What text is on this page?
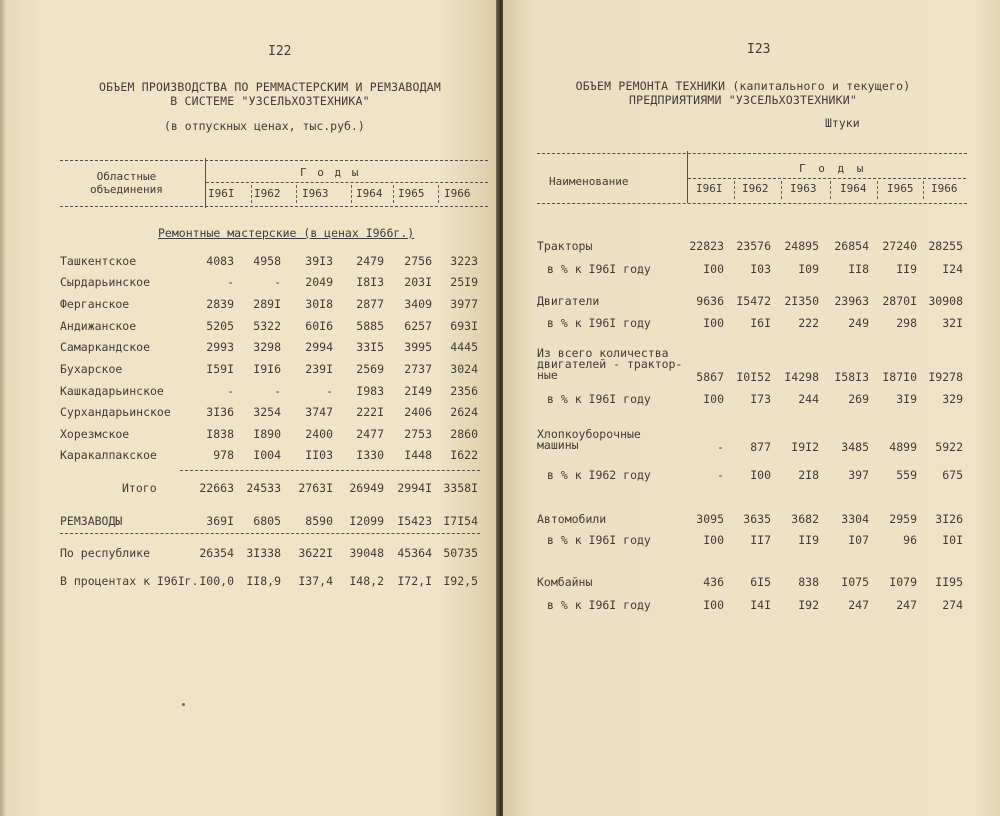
I22
ОБЪЕМ ПРОИЗВОДСТВА ПО РЕММАСТЕРСКИМ И РЕМЗАВОДАМ
В СИСТЕМЕ "УЗСЕЛЬХОЗТЕХНИКА"
(в отпускных ценах, тыс.руб.)
Областные
объединения
Г о д ы
I96I I962 I963	I964 I965 I966
Ремонтные мастерские (в ценах I966г.)
Ташкентское	4083	4958	39I3	2479	2756	3223
Сырдарьинское	-	-	2049	I8I3	203I	25I9
Ферганское	2839	289I	30I8	2877	3409	3977
Андижанское	5205	5322	60I6	5885	6257	693I
Самаркандское	2993	3298	2994	33I5	3995	4445
Бухарское	I59I	I9I6	239I	2569	2737	3024
Кашкадарьинское	-	-	-	I983	2I49	2356
Сурхандарьинское	3I36	3254	3747	222I	2406	2624
Хорезмское	I838	I890	2400	2477	2753	2860
Каракалпакское	978	I004	II03	I330	I448	I622
Итого	22663	24533	2763I	26949	2994I 3358I
РЕМЗАВОДЫ	369I	6805	8590	I2099	I5423 I7I54
По республике	26354	3I338	3622I	39048	45364 50735
В процентах к I96Iг. I00,0	II8,9	I37,4	I48,2	I72,I I92,5
I23
ОБЪЕМ РЕМОНТА ТЕХНИКИ (капитального и текущего)
ПРЕДПРИЯТИЯМИ "УЗСЕЛЬХОЗТЕХНИКИ"
Штуки
Наименование
Г о д ы
I96I I962 I963 I964 I965 I966
Тракторы	22823	23576	24895	26854	27240 28255
в % к I96I году	I00	I03	I09	II8	II9	I24
Двигатели	9636	I5472	2I350	23963	2870I 30908
в % к I96I году	I00	I6I	222	249	298	32I
Из всего количества
двигателей - трактор-
ные	5867	I0I52	I4298	I58I3	I87I0 I9278
в % к I96I году	I00	I73	244	269	3I9	329
Хлопкоуборочные
машины	-	877	I9I2	3485	4899	5922
в % к I962 году	-	I00	2I8	397	559	675
Автомобили	3095	3635	3682	3304	2959	3I26
в % к I96I году	I00	II7	II9	I07	96	I0I
Комбайны	436	6I5	838	I075	I079	II95
в % к I96I году	I00	I4I	I92	247	247	274
